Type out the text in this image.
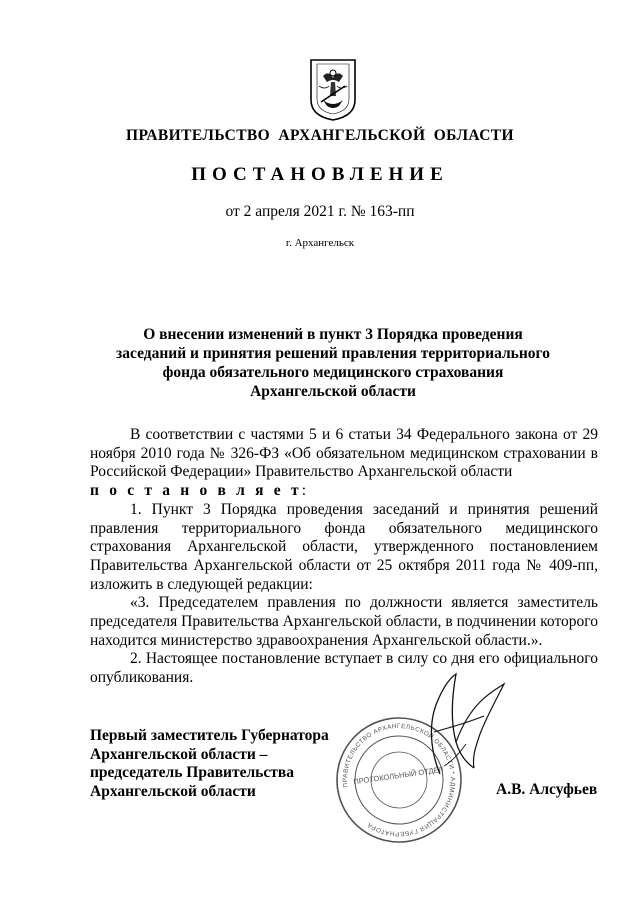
ПРАВИТЕЛЬСТВО АРХАНГЕЛЬСКОЙ ОБЛАСТИ
ПОСТАНОВЛЕНИЕ
от 2 апреля 2021 г. № 163-пп
г. Архангельск
О внесении изменений в пункт 3 Порядка проведения
заседаний и принятия решений правления территориального
фонда обязательного медицинского страхования
Архангельской области

В соответствии с частями 5 и 6 статьи 34 Федерального закона от 29 ноября 2010 года № 326-ФЗ «Об обязательном медицинском страховании в Российской Федерации» Правительство Архангельской области

п о с т а н о в л я е т:

1. Пункт 3 Порядка проведения заседаний и принятия решений правления территориального фонда обязательного медицинского страхования Архангельской области, утвержденного постановлением Правительства Архангельской области от 25 октября 2011 года № 409-пп, изложить в следующей редакции:

«3. Председателем правления по должности является заместитель председателя Правительства Архангельской области, в подчинении которого находится министерство здравоохранения Архангельской области.».

2. Настоящее постановление вступает в силу со дня его официального опубликования.

Первый заместитель Губернатора
Архангельской области –
председатель Правительства
Архангельской области	ПРАВИТЕЛЬСТВО АРХАНГЕЛЬСКОЙ ОБЛАСТИ * АДМИНИСТРАЦИЯ ГУБЕРНАТОРА
ПРОТОКОЛЬНЫЙ ОТДЕЛ
А.В. Алсуфьев
